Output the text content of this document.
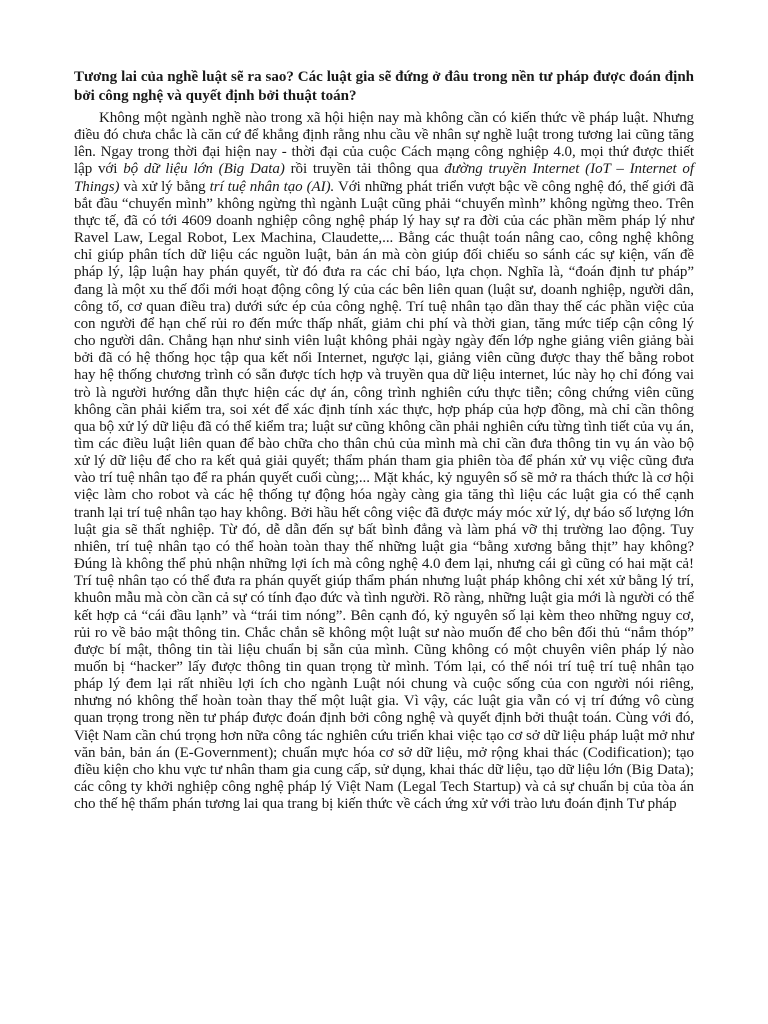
Tương lai của nghề luật sẽ ra sao? Các luật gia sẽ đứng ở đâu trong nền tư pháp được đoán định bởi công nghệ và quyết định bởi thuật toán?

Không một ngành nghề nào trong xã hội hiện nay mà không cần có kiến thức về pháp luật. Nhưng điều đó chưa chắc là căn cứ để khẳng định rằng nhu cầu về nhân sự nghề luật trong tương lai cũng tăng lên. Ngay trong thời đại hiện nay - thời đại của cuộc Cách mạng công nghiệp 4.0, mọi thứ được thiết lập với bộ dữ liệu lớn (Big Data) rồi truyền tải thông qua đường truyền Internet (IoT – Internet of Things) và xử lý bằng trí tuệ nhân tạo (AI). Với những phát triển vượt bậc về công nghệ đó, thế giới đã bắt đầu “chuyển mình” không ngừng thì ngành Luật cũng phải “chuyển mình” không ngừng theo. Trên thực tế, đã có tới 4609 doanh nghiệp công nghệ pháp lý hay sự ra đời của các phần mềm pháp lý như Ravel Law, Legal Robot, Lex Machina, Claudette,... Bằng các thuật toán nâng cao, công nghệ không chỉ giúp phân tích dữ liệu các nguồn luật, bản án mà còn giúp đối chiếu so sánh các sự kiện, vấn đề pháp lý, lập luận hay phán quyết, từ đó đưa ra các chỉ báo, lựa chọn. Nghĩa là, “đoán định tư pháp” đang là một xu thế đổi mới hoạt động công lý của các bên liên quan (luật sư, doanh nghiệp, người dân, công tố, cơ quan điều tra) dưới sức ép của công nghệ. Trí tuệ nhân tạo dần thay thế các phần việc của con người để hạn chế rủi ro đến mức thấp nhất, giảm chi phí và thời gian, tăng mức tiếp cận công lý cho người dân. Chẳng hạn như sinh viên luật không phải ngày ngày đến lớp nghe giảng viên giảng bài bởi đã có hệ thống học tập qua kết nối Internet, ngược lại, giảng viên cũng được thay thế bằng robot hay hệ thống chương trình có sẵn được tích hợp và truyền qua dữ liệu internet, lúc này họ chỉ đóng vai trò là người hướng dẫn thực hiện các dự án, công trình nghiên cứu thực tiễn; công chứng viên cũng không cần phải kiểm tra, soi xét để xác định tính xác thực, hợp pháp của hợp đồng, mà chỉ cần thông qua bộ xử lý dữ liệu đã có thể kiểm tra; luật sư cũng không cần phải nghiên cứu từng tình tiết của vụ án, tìm các điều luật liên quan để bào chữa cho thân chủ của mình mà chỉ cần đưa thông tin vụ án vào bộ xử lý dữ liệu để cho ra kết quả giải quyết; thẩm phán tham gia phiên tòa để phán xử vụ việc cũng đưa vào trí tuệ nhân tạo để ra phán quyết cuối cùng;... Mặt khác, kỷ nguyên số sẽ mở ra thách thức là cơ hội việc làm cho robot và các hệ thống tự động hóa ngày càng gia tăng thì liệu các luật gia có thể cạnh tranh lại trí tuệ nhân tạo hay không. Bởi hầu hết công việc đã được máy móc xử lý, dự báo số lượng lớn luật gia sẽ thất nghiệp. Từ đó, dễ dẫn đến sự bất bình đẳng và làm phá vỡ thị trường lao động. Tuy nhiên, trí tuệ nhân tạo có thể hoàn toàn thay thế những luật gia “bằng xương bằng thịt” hay không? Đúng là không thể phủ nhận những lợi ích mà công nghệ 4.0 đem lại, nhưng cái gì cũng có hai mặt cả! Trí tuệ nhân tạo có thể đưa ra phán quyết giúp thẩm phán nhưng luật pháp không chỉ xét xử bằng lý trí, khuôn mẫu mà còn cần cả sự có tính đạo đức và tình người. Rõ ràng, những luật gia mới là người có thể kết hợp cả “cái đầu lạnh” và “trái tim nóng”. Bên cạnh đó, kỷ nguyên số lại kèm theo những nguy cơ, rủi ro về bảo mật thông tin. Chắc chắn sẽ không một luật sư nào muốn để cho bên đối thủ “nắm thóp” được bí mật, thông tin tài liệu chuẩn bị sẵn của mình. Cũng không có một chuyên viên pháp lý nào muốn bị “hacker” lấy được thông tin quan trọng từ mình. Tóm lại, có thể nói trí tuệ trí tuệ nhân tạo pháp lý đem lại rất nhiều lợi ích cho ngành Luật nói chung và cuộc sống của con người nói riêng, nhưng nó không thể hoàn toàn thay thế một luật gia. Vì vậy, các luật gia vẫn có vị trí đứng vô cùng quan trọng trong nền tư pháp được đoán định bởi công nghệ và quyết định bởi thuật toán. Cùng với đó, Việt Nam cần chú trọng hơn nữa công tác nghiên cứu triển khai việc tạo cơ sở dữ liệu pháp luật mở như văn bản, bản án (E-Government); chuẩn mực hóa cơ sở dữ liệu, mở rộng khai thác (Codification); tạo điều kiện cho khu vực tư nhân tham gia cung cấp, sử dụng, khai thác dữ liệu, tạo dữ liệu lớn (Big Data); các công ty khởi nghiệp công nghệ pháp lý Việt Nam (Legal Tech Startup) và cả sự chuẩn bị của tòa án cho thế hệ thẩm phán tương lai qua trang bị kiến thức về cách ứng xử với trào lưu đoán định Tư pháp
